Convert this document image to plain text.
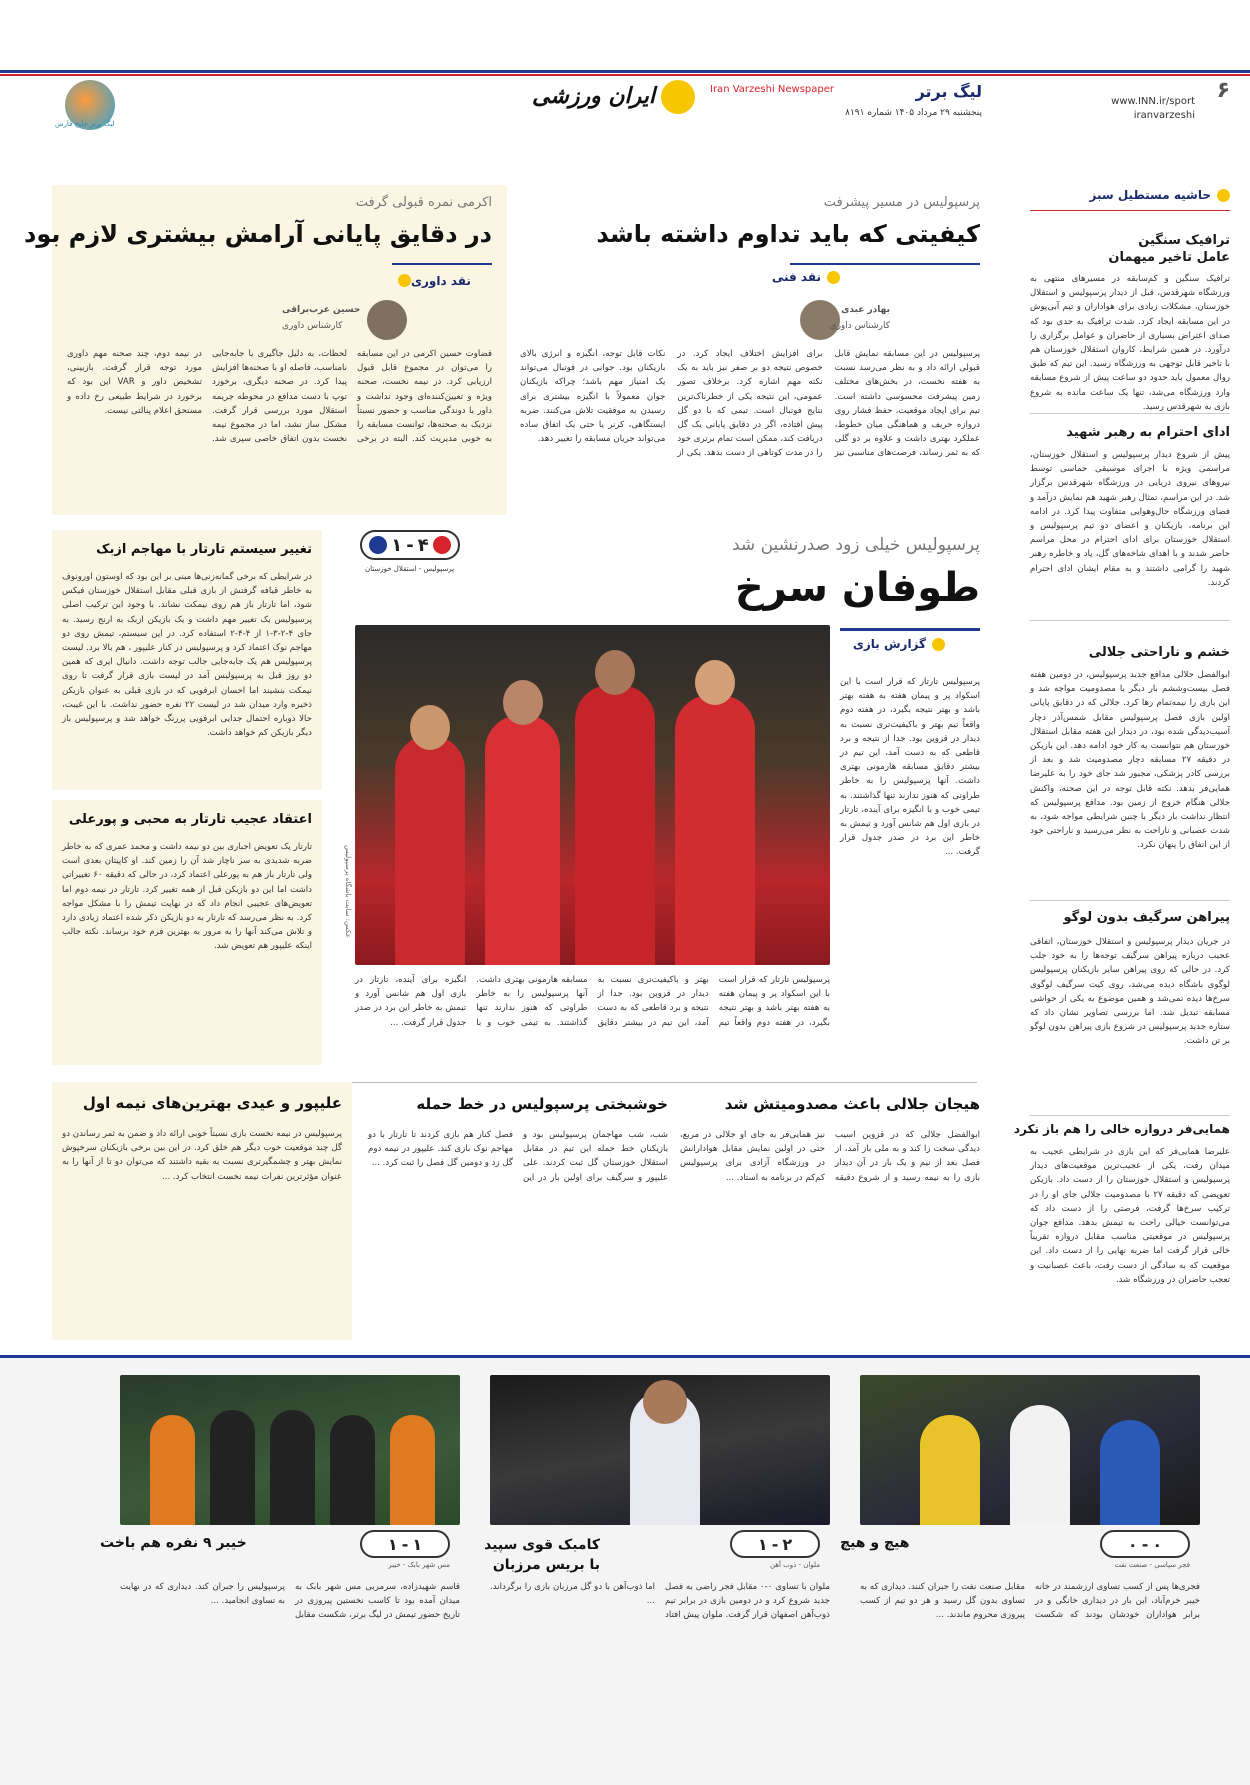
۶
لیگ برتر
پنجشنبه ۲۹ مرداد ۱۴۰۵ شماره ۸۱۹۱
www.INN.ir/sport
iranvarzeshi
Iran Varzeshi Newspaper
ایران ورزشی
لیگ برتر خلیج فارس
حاشیه مستطیل سبز
ترافیک سنگین
عامل تاخیر میهمان
ترافیک سنگین و کم‌سابقه در مسیرهای منتهی به ورزشگاه شهرقدس، قبل از دیدار پرسپولیس و استقلال خوزستان، مشکلات زیادی برای هواداران و تیم آبی‌پوش در این مسابقه ایجاد کرد. شدت ترافیک به حدی بود که صدای اعتراض بسیاری از حاضران و عوامل برگزاری را درآورد. در همین شرایط، کاروان استقلال خوزستان هم با تاخیر قابل توجهی به ورزشگاه رسید. این تیم که طبق روال معمول باید حدود دو ساعت پیش از شروع مسابقه وارد ورزشگاه می‌شد، تنها یک ساعت مانده به شروع بازی به شهرقدس رسید.
ادای احترام به رهبر شهید
پیش از شروع دیدار پرسپولیس و استقلال خوزستان، مراسمی ویژه با اجرای موسیقی حماسی توسط نیروهای نیروی دریایی در ورزشگاه شهرقدس برگزار شد. در این مراسم، تمثال رهبر شهید هم نمایش درآمد و فضای ورزشگاه حال‌وهوایی متفاوت پیدا کرد. در ادامه این برنامه، بازیکنان و اعضای دو تیم پرسپولیس و استقلال خوزستان برای ادای احترام در محل مراسم حاضر شدند و با اهدای شاخه‌های گل، یاد و خاطره رهبر شهید را گرامی داشتند و به مقام ایشان ادای احترام کردند.
خشم و ناراحتی جلالی
ابوالفضل جلالی مدافع جدید پرسپولیس، در دومین هفته فصل بیست‌وششم بار دیگر با مصدومیت مواجه شد و این بازی را نیمه‌تمام رها کرد. جلالی که در دقایق پایانی اولین بازی فصل پرسپولیس مقابل شمس‌آذر دچار آسیب‌دیدگی شده بود، در دیدار این هفته مقابل استقلال خوزستان هم نتوانست به کار خود ادامه دهد. این بازیکن در دقیقه ۲۷ مسابقه دچار مصدومیت شد و بعد از بررسی کادر پزشکی، مجبور شد جای خود را به علیرضا همایی‌فر بدهد. نکته قابل توجه در این صحنه، واکنش جلالی هنگام خروج از زمین بود. مدافع پرسپولیس که انتظار نداشت بار دیگر با چنین شرایطی مواجه شود، به شدت عصبانی و ناراحت به نظر می‌رسید و ناراحتی خود از این اتفاق را پنهان نکرد.
پیراهن سرگیف بدون لوگو
در جریان دیدار پرسپولیس و استقلال خوزستان، اتفاقی عجیب درباره پیراهن سرگیف توجه‌ها را به خود جلب کرد. در حالی که روی پیراهن سایر بازیکنان پرسپولیس لوگوی باشگاه دیده می‌شد، روی کیت سرگیف لوگوی سرخ‌ها دیده نمی‌شد و همین موضوع به یکی از حواشی مسابقه تبدیل شد. اما بررسی تصاویر نشان داد که ستاره جدید پرسپولیس در شروع بازی پیراهن بدون لوگو بر تن داشت.
همایی‌فر دروازه خالی را هم باز نکرد
علیرضا همایی‌فر که این بازی در شرایطی عجیب به میدان رفت، یکی از عجیب‌ترین موقعیت‌های دیدار پرسپولیس و استقلال خوزستان را از دست داد. بازیکن تعویضی که دقیقه ۲۷ با مصدومیت جلالی جای او را در ترکیب سرخ‌ها گرفت، فرصتی را از دست داد که می‌توانست خیالی راحت به تیمش بدهد. مدافع جوان پرسپولیس در موقعیتی مناسب مقابل دروازه تقریباً خالی قرار گرفت اما ضربه نهایی را از دست داد. این موقعیت که به سادگی از دست رفت، باعث عصبانیت و تعجب حاضران در ورزشگاه شد.
پرسپولیس در مسیر پیشرفت
کیفیتی که باید تداوم داشته باشد
نقد فنی
بهادر عبدی
کارشناس داوری
پرسپولیس در این مسابقه نمایش قابل قبولی ارائه داد و به نظر می‌رسد نسبت به هفته نخست، در بخش‌های مختلف زمین پیشرفت محسوسی داشته است. تیم برای ایجاد موقعیت، حفظ فشار روی دروازه حریف و هماهنگی میان خطوط، عملکرد بهتری داشت و علاوه بر دو گلی که به ثمر رساند، فرصت‌های مناسبی نیز برای افزایش اختلاف ایجاد کرد. در خصوص نتیجه دو بر صفر نیز باید به یک نکته مهم اشاره کرد. برخلاف تصور عمومی، این نتیجه یکی از خطرناک‌ترین نتایج فوتبال است. تیمی که با دو گل پیش افتاده، اگر در دقایق پایانی یک گل دریافت کند، ممکن است تمام برتری خود را در مدت کوتاهی از دست بدهد. یکی از نکات قابل توجه، انگیزه و انرژی بالای بازیکنان بود. جوانی در فوتبال می‌تواند یک امتیاز مهم باشد؛ چراکه بازیکنان جوان معمولاً با انگیزه بیشتری برای رسیدن به موفقیت تلاش می‌کنند. ضربه ایستگاهی، کرنر یا حتی یک اتفاق ساده می‌تواند جریان مسابقه را تغییر دهد.
اکرمی نمره قبولی گرفت
در دقایق پایانی آرامش بیشتری لازم بود
نقد داوری
حسین عرب‌براقی
کارشناس داوری
قضاوت حسین اکرمی در این مسابقه را می‌توان در مجموع قابل قبول ارزیابی کرد. در نیمه نخست، صحنه ویژه و تعیین‌کننده‌ای وجود نداشت و داور با دوندگی مناسب و حضور نسبتاً نزدیک به صحنه‌ها، توانست مسابقه را به خوبی مدیریت کند. البته در برخی لحظات، به دلیل جاگیری یا جابه‌جایی نامناسب، فاصله او با صحنه‌ها افزایش پیدا کرد. در صحنه دیگری، برخورد توپ با دست مدافع در محوطه جریمه استقلال مورد بررسی قرار گرفت. مشکل ساز نشد، اما در مجموع نیمه نخست بدون اتفاق خاصی سپری شد. در نیمه دوم، چند صحنه مهم داوری مورد توجه قرار گرفت. بازبینی، تشخیص داور و VAR این بود که برخورد در شرایط طبیعی رخ داده و مستحق اعلام پنالتی نیست.
پرسپولیس خیلی زود صدرنشین شد
طوفان سرخ
گزارش بازی
پرسپولیس تارتار که قرار است با این اسکواد پر و پیمان هفته به هفته بهتر باشد و بهتر نتیجه بگیرد، در هفته دوم واقعاً تیم بهتر و باکیفیت‌تری نسبت به دیدار در قزوین بود. جدا از نتیجه و برد قاطعی که به دست آمد، این تیم در بیشتر دقایق مسابقه هارمونی بهتری داشت. آنها پرسپولیس را به خاطر طراوتی که هنوز ندارند تنها گذاشتند. به تیمی خوب و با انگیزه برای آینده، تارتار در بازی اول هم شانس آورد و تیمش به خاطر این برد در صدر جدول قرار گرفت. ...
عکس: سایت باشگاه پرسپولیس
پرسپولیس تارتار که قرار است با این اسکواد پر و پیمان هفته به هفته بهتر باشد و بهتر نتیجه بگیرد، در هفته دوم واقعاً تیم بهتر و باکیفیت‌تری نسبت به دیدار در قزوین بود. جدا از نتیجه و برد قاطعی که به دست آمد، این تیم در بیشتر دقایق مسابقه هارمونی بهتری داشت. آنها پرسپولیس را به خاطر طراوتی که هنوز ندارند تنها گذاشتند. به تیمی خوب و با انگیزه برای آینده، تارتار در بازی اول هم شانس آورد و تیمش به خاطر این برد در صدر جدول قرار گرفت. ...
۴
-
۱
پرسپولیس - استقلال خوزستان
تغییر سیستم تارتار با مهاجم ازبک
در شرایطی که برخی گمانه‌زنی‌ها مبنی بر این بود که اوستون اورونوف به خاطر قیافه گرفتش از بازی قبلی مقابل استقلال خوزستان فیکس شود، اما تارتار باز هم روی نیمکت نشاند. با وجود این ترکیب اصلی پرسپولیس یک تغییر مهم داشت و یک بازیکن ازبک به ارنج رسید. به جای ۴-۲-۳-۱ از ۴-۴-۲ استفاده کرد. در این سیستم، تیمش روی دو مهاجم نوک اعتماد کرد و پرسپولیس در کنار علیپور ، هم بالا برد. لیست پرسپولیس هم یک جابه‌جایی جالب توجه داشت. دانیال ایری که همین دو روز قبل به پرسپولیس آمد در لیست بازی قرار گرفت تا روی نیمکت بنشیند اما احسان ابرفویی که در بازی قبلی به عنوان بازیکن ذخیره وارد میدان شد در لیست ۲۲ نفره حضور نداشت. با این غیبت، حالا دوباره احتمال جدایی ابرفویی پررنگ خواهد شد و پرسپولیس باز دیگر بازیکن کم خواهد داشت.
اعتقاد عجیب تارتار به محبی و پورعلی
تارتار یک تعویض اجباری بین دو نیمه داشت و محمد عمری که به خاطر ضربه شدیدی به سر ناچار شد آن را زمین کند. او کاپیتان بعدی است ولی تارتار باز هم به پورعلی اعتماد کرد، در حالی که دقیقه ۶۰ تغییراتی داشت اما این دو بازیکن قبل از همه تغییر کرد. تارتار در نیمه دوم اما تعویض‌های عجیبی انجام داد که در نهایت تیمش را با مشکل مواجه کرد. به نظر می‌رسد که تارتار به دو بازیکن ذکر شده اعتماد زیادی دارد و تلاش می‌کند آنها را به مرور به بهترین فرم خود برساند. نکته جالب اینکه علیپور هم تعویض شد.
هیجان جلالی باعث مصدومیتش شد
ابوالفضل جلالی که در قزوین اسیب دیدگی سخت را کند و به ملی باز آمد، از فصل بعد از نیم و یک بار در آن دیدار بازی را به نیمه رسید و از شروع دقیقه نیز همایی‌فر به جای او جلالی در مربع، حتی در اولین نمایش مقابل هوادارانش در ورزشگاه آزادی برای پرسپولیس کم‌کم در برنامه به استاد. ...
خوشبختی پرسپولیس در خط حمله
شب، شب مهاجمان پرسپولیس بود و بازیکنان خط حمله این تیم در مقابل استقلال خوزستان گل ثبت کردند. علی علیپور و سرگیف برای اولین بار در این فصل کنار هم بازی کردند تا تارتار با دو مهاجم نوک بازی کند. علیپور در نیمه دوم گل زد و دومین گل فصل را ثبت کرد. ...
علیپور و عیدی بهترین‌های نیمه اول
پرسپولیس در نیمه نخست بازی نسبتاً خوبی ارائه داد و ضمن به ثمر رساندن دو گل چند موقعیت خوب دیگر هم خلق کرد. در این بین برخی بازیکنان سرخپوش نمایش بهتر و چشمگیرتری نسبت به بقیه داشتند که می‌توان دو تا از آنها را به عنوان مؤثرترین نفرات نیمه نخست انتخاب کرد. ...
۰
-
۰
فجر سپاسی - صنعت نفت
هیچ و هیچ
فجری‌ها پس از کسب تساوی ارزشمند در خانه خیبر خرم‌آباد، این بار در دیداری خانگی و در برابر هواداران خودشان بودند که شکست مقابل صنعت نفت را جبران کنند. دیداری که به تساوی بدون گل رسید و هر دو تیم از کسب پیروزی محروم ماندند. ...
۲
-
۱
ملوان - ذوب آهن
کامبک قوی سپید با بریس مرزبان
ملوان با تساوی ۰-۰ مقابل فجر راضی به فصل جدید شروع کرد و در دومین بازی در برابر تیم ذوب‌آهن اصفهان قرار گرفت. ملوان پیش افتاد اما ذوب‌آهن با دو گل مرزبان بازی را برگرداند. ...
۱
-
۱
مس شهر بابک - خیبر
خیبر ۹ نفره هم باخت
قاسم شهیدزاده، سرمربی مس شهر بابک به میدان آمده بود تا کاسب نخستین پیروزی در تاریخ حضور تیمش در لیگ برتر، شکست مقابل پرسپولیس را جبران کند. دیداری که در نهایت به تساوی انجامید. ...
